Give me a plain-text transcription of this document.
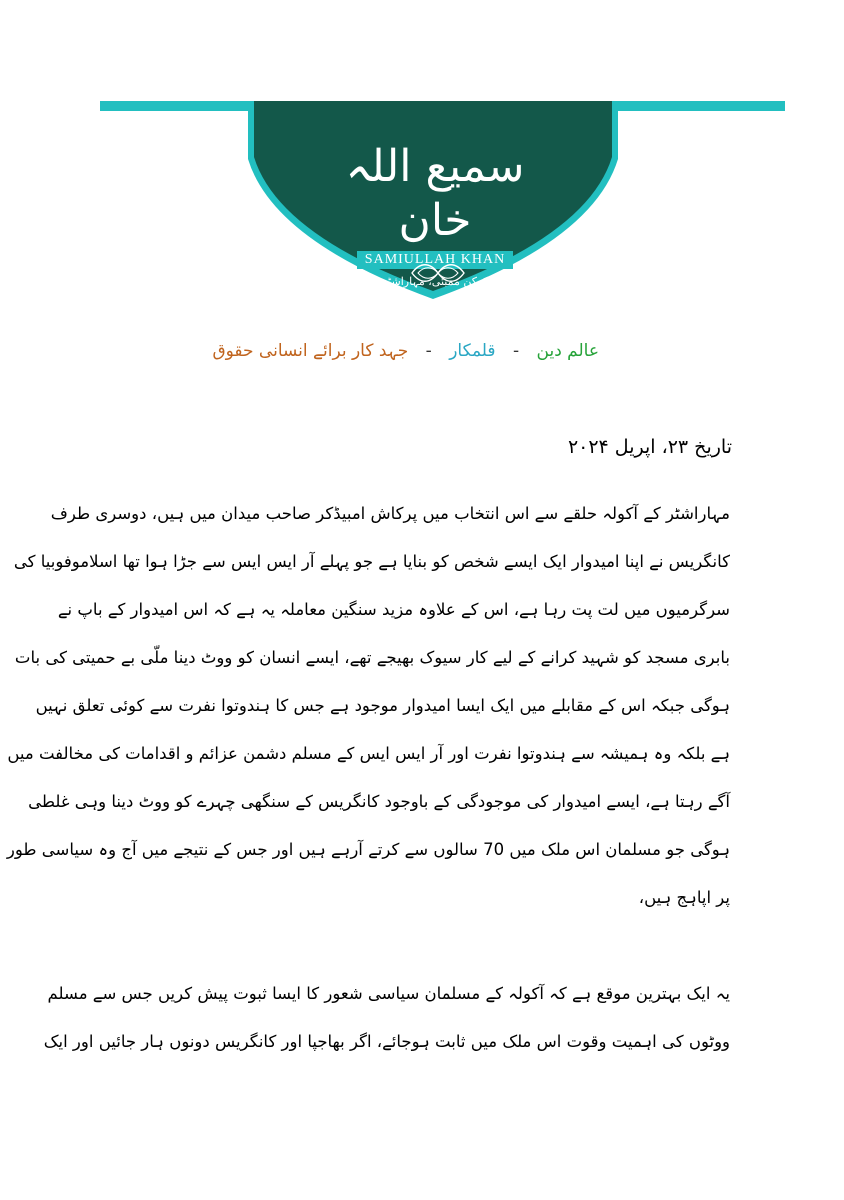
سمیع اللہ خان
SAMIULLAH KHAN
کوکن ممبئی، مہاراشٹر
عالم دین - قلمکار - جہد کار برائے انسانی حقوق
تاریخ ۲۳، اپریل ۲۰۲۴
مہاراشٹر کے آکولہ حلقے سے اس انتخاب میں پرکاش امبیڈکر صاحب میدان میں ہیں، دوسری طرف
کانگریس نے اپنا امیدوار ایک ایسے شخص کو بنایا ہے جو پہلے آر ایس ایس سے جڑا ہوا تھا اسلاموفوبیا کی
سرگرمیوں میں لت پت رہا ہے، اس کے علاوہ مزید سنگین معاملہ یہ ہے کہ اس امیدوار کے باپ نے
بابری مسجد کو شہید کرانے کے لیے کار سیوک بھیجے تھے، ایسے انسان کو ووٹ دینا ملّی بے حمیتی کی بات
ہوگی جبکہ اس کے مقابلے میں ایک ایسا امیدوار موجود ہے جس کا ہندوتوا نفرت سے کوئی تعلق نہیں
ہے بلکہ وہ ہمیشہ سے ہندوتوا نفرت اور آر ایس ایس کے مسلم دشمن عزائم و اقدامات کی مخالفت میں
آگے رہتا ہے، ایسے امیدوار کی موجودگی کے باوجود کانگریس کے سنگھی چہرے کو ووٹ دینا وہی غلطی
ہوگی جو مسلمان اس ملک میں 70 سالوں سے کرتے آرہے ہیں اور جس کے نتیجے میں آج وہ سیاسی طور
پر اپاہج ہیں،
یہ ایک بہترین موقع ہے کہ آکولہ کے مسلمان سیاسی شعور کا ایسا ثبوت پیش کریں جس سے مسلم
ووٹوں کی اہمیت وقوت اس ملک میں ثابت ہوجائے، اگر بھاجپا اور کانگریس دونوں ہار جائیں اور ایک
